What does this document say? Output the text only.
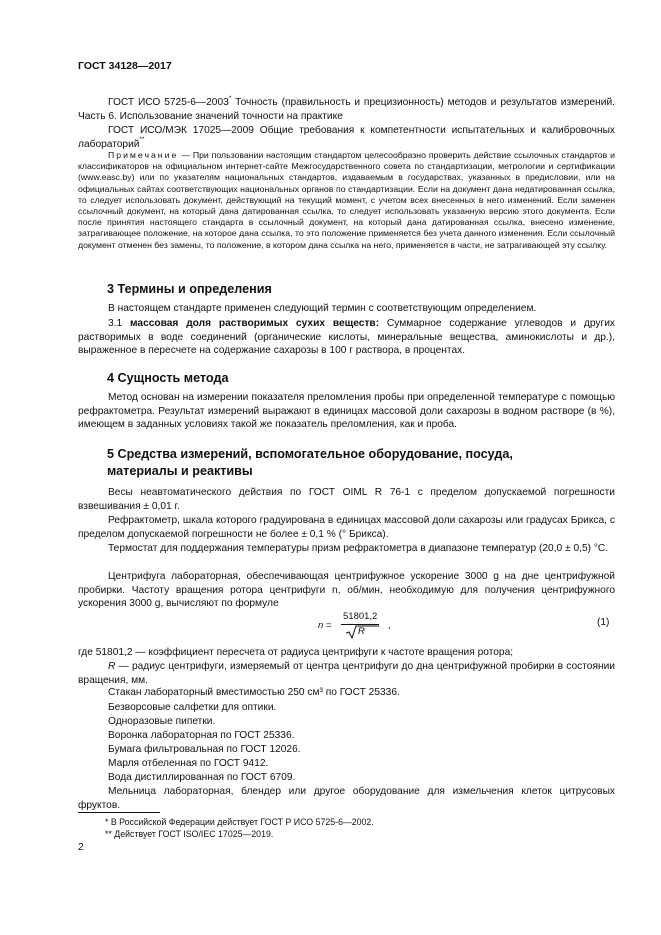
ГОСТ 34128—2017
ГОСТ ИСО 5725-6—2003* Точность (правильность и прецизионность) методов и результатов измерений. Часть 6. Использование значений точности на практике
ГОСТ ИСО/МЭК 17025—2009 Общие требования к компетентности испытательных и калибровочных лабораторий**
Примечание — При пользовании настоящим стандартом целесообразно проверить действие ссылочных стандартов и классификаторов на официальном интернет-сайте Межгосударственного совета по стандартизации, метрологии и сертификации (www.easc.by) или по указателям национальных стандартов, издаваемым в государствах, указанных в предисловии, или на официальных сайтах соответствующих национальных органов по стандартизации. Если на документ дана недатированная ссылка, то следует использовать документ, действующий на текущий момент, с учетом всех внесенных в него изменений. Если заменен ссылочный документ, на который дана датированная ссылка, то следует использовать указанную версию этого документа. Если после принятия настоящего стандарта в ссылочный документ, на который дана датированная ссылка, внесено изменение, затрагивающее положение, на которое дана ссылка, то это положение применяется без учета данного изменения. Если ссылочный документ отменен без замены, то положение, в котором дана ссылка на него, применяется в части, не затрагивающей эту ссылку.
3 Термины и определения
В настоящем стандарте применен следующий термин с соответствующим определением.
3.1 массовая доля растворимых сухих веществ: Суммарное содержание углеводов и других растворимых в воде соединений (органические кислоты, минеральные вещества, аминокислоты и др.), выраженное в пересчете на содержание сахарозы в 100 г раствора, в процентах.
4 Сущность метода
Метод основан на измерении показателя преломления пробы при определенной температуре с помощью рефрактометра. Результат измерений выражают в единицах массовой доли сахарозы в водном растворе (в %), имеющем в заданных условиях такой же показатель преломления, как и проба.
5 Средства измерений, вспомогательное оборудование, посуда,
материалы и реактивы
Весы неавтоматического действия по ГОСТ OIML R 76-1 с пределом допускаемой погрешности взвешивания ± 0,01 г.
Рефрактометр, шкала которого градуирована в единицах массовой доли сахарозы или градусах Брикса, с пределом допускаемой погрешности не более ± 0,1 % (° Брикса).
Термостат для поддержания температуры призм рефрактометра в диапазоне температур (20,0 ± 0,5) °С.
Центрифуга лабораторная, обеспечивающая центрифужное ускорение 3000 g на дне центрифужной пробирки. Частоту вращения ротора центрифуги n, об/мин, необходимую для получения центрифужного ускорения 3000 g, вычисляют по формуле
n =
51801,2
R
,	(1)
где 51801,2 — коэффициент пересчета от радиуса центрифуги к частоте вращения ротора;
R — радиус центрифуги, измеряемый от центра центрифуги до дна центрифужной пробирки в состоянии вращения, мм.
Стакан лабораторный вместимостью 250 см³ по ГОСТ 25336.
Безворсовые салфетки для оптики.
Одноразовые пипетки.
Воронка лабораторная по ГОСТ 25336.
Бумага фильтровальная по ГОСТ 12026.
Марля отбеленная по ГОСТ 9412.
Вода дистиллированная по ГОСТ 6709.
Мельница лабораторная, блендер или другое оборудование для измельчения клеток цитрусовых фруктов.
* В Российской Федерации действует ГОСТ Р ИСО 5725-6—2002.
** Действует ГОСТ ISO/IEC 17025—2019.
2
